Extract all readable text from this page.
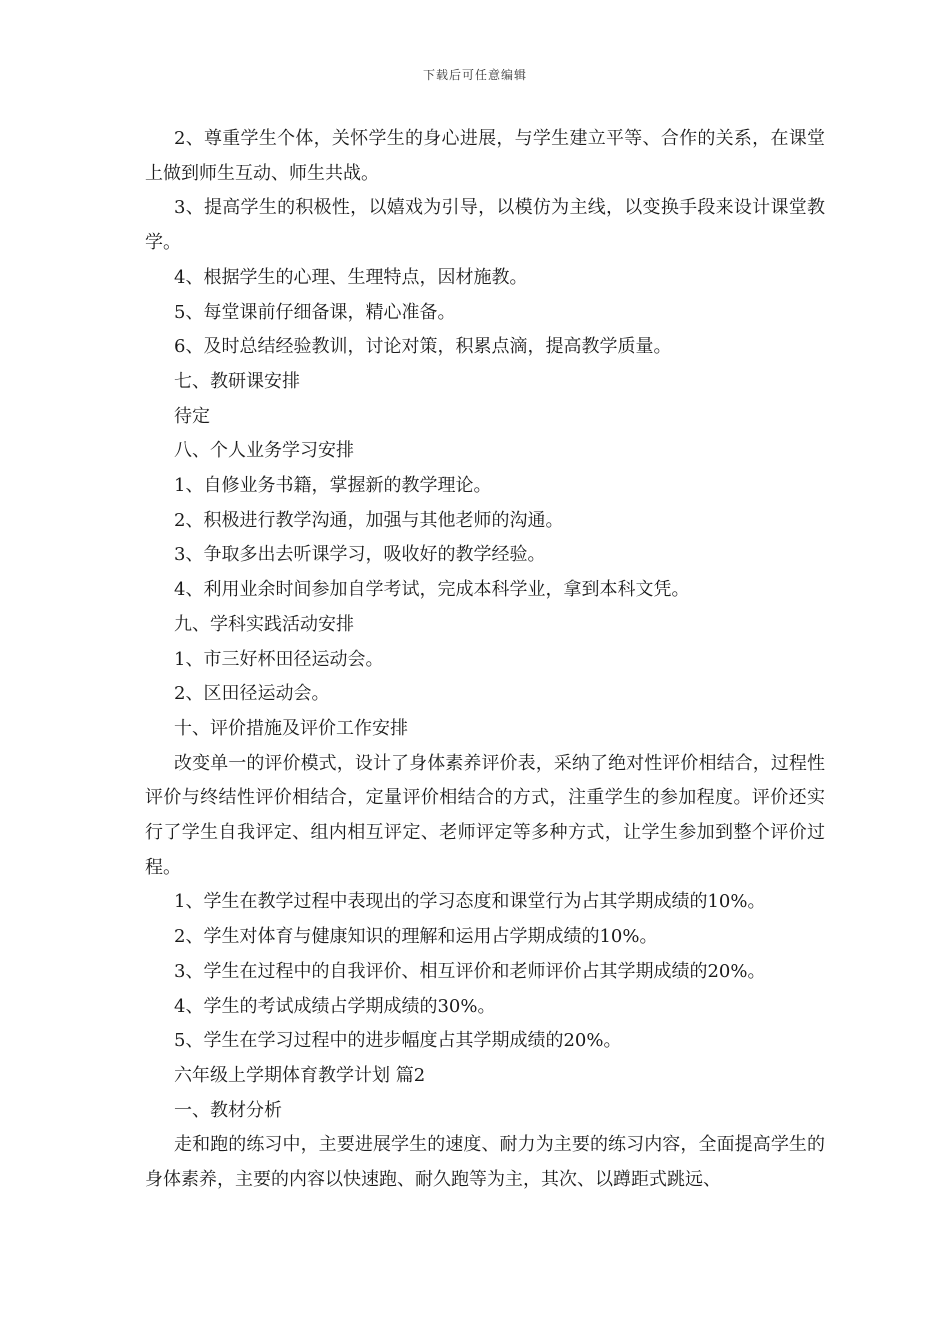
下载后可任意编辑

2、尊重学生个体，关怀学生的身心进展，与学生建立平等、合作的关系，在课堂上做到师生互动、师生共战。

3、提高学生的积极性，以嬉戏为引导，以模仿为主线，以变换手段来设计课堂教学。

4、根据学生的心理、生理特点，因材施教。

5、每堂课前仔细备课，精心准备。

6、及时总结经验教训，讨论对策，积累点滴，提高教学质量。

七、教研课安排

待定

八、个人业务学习安排

1、自修业务书籍，掌握新的教学理论。

2、积极进行教学沟通，加强与其他老师的沟通。

3、争取多出去听课学习，吸收好的教学经验。

4、利用业余时间参加自学考试，完成本科学业，拿到本科文凭。

九、学科实践活动安排

1、市三好杯田径运动会。

2、区田径运动会。

十、评价措施及评价工作安排

改变单一的评价模式，设计了身体素养评价表，采纳了绝对性评价相结合，过程性评价与终结性评价相结合，定量评价相结合的方式，注重学生的参加程度。评价还实行了学生自我评定、组内相互评定、老师评定等多种方式，让学生参加到整个评价过程。

1、学生在教学过程中表现出的学习态度和课堂行为占其学期成绩的10%。

2、学生对体育与健康知识的理解和运用占学期成绩的10%。

3、学生在过程中的自我评价、相互评价和老师评价占其学期成绩的20%。

4、学生的考试成绩占学期成绩的30%。

5、学生在学习过程中的进步幅度占其学期成绩的20%。

六年级上学期体育教学计划 篇2

一、教材分析

走和跑的练习中，主要进展学生的速度、耐力为主要的练习内容，全面提高学生的身体素养，主要的内容以快速跑、耐久跑等为主，其次、以蹲距式跳远、
